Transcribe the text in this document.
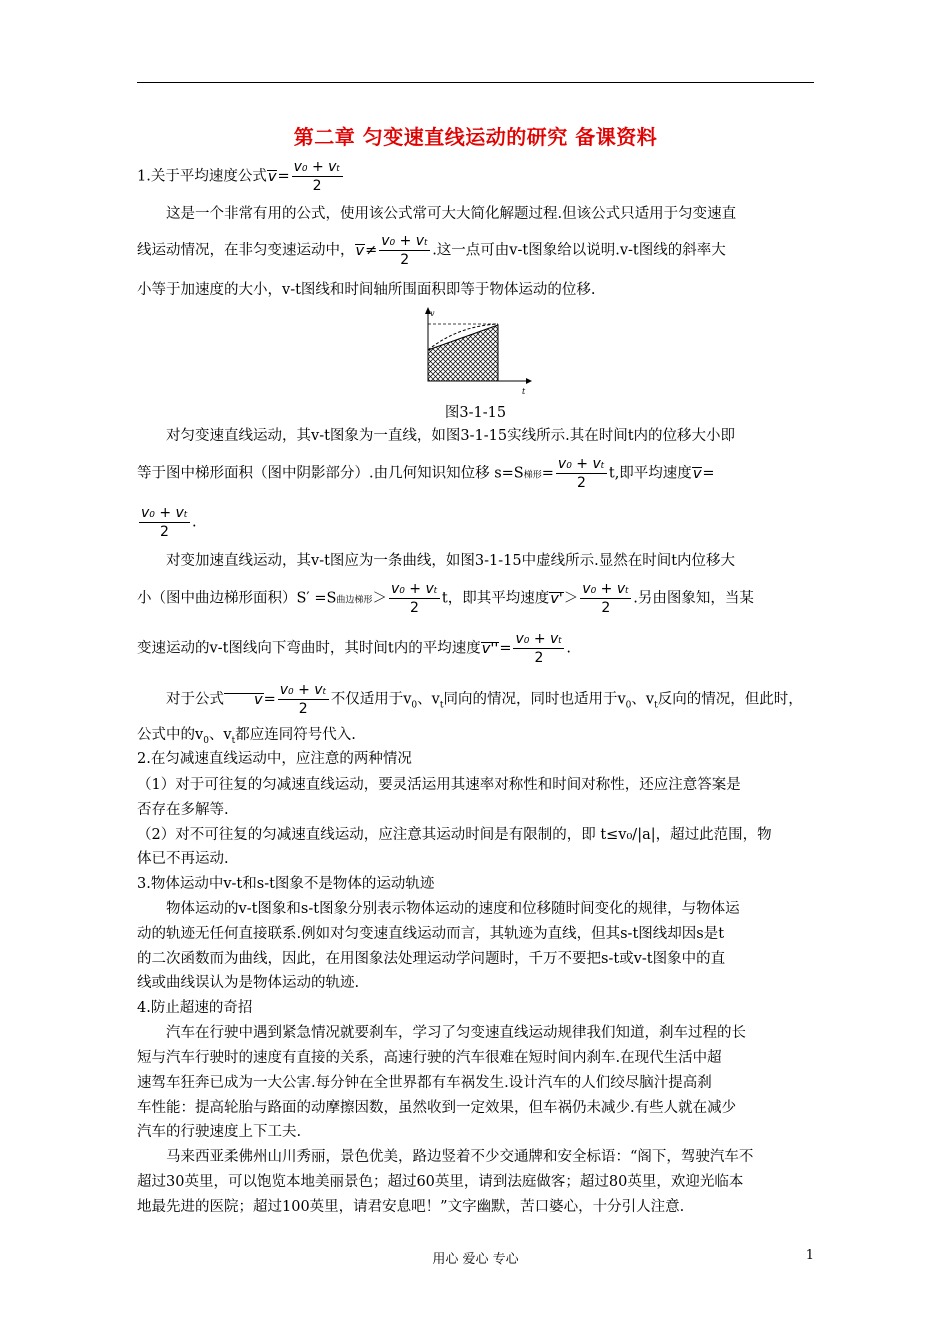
第二章 匀变速直线运动的研究 备课资料
1.关于平均速度公式$v= \frac{\text{v₀ + vₜ}}{2}$
这是一个非常有用的公式，使用该公式常可大大简化解题过程.但该公式只适用于匀变速直
线运动情况，在非匀变速运动中，$v\ne \frac{\text{v₀ + vₜ}}{2}$ .这一点可由v-t图象给以说明.v-t图线的斜率大
小等于加速度的大小，v-t图线和时间轴所围面积即等于物体运动的位移.
v
t
图3-1-15
对匀变速直线运动，其v-t图象为一直线，如图3-1-15实线所示.其在时间t内的位移大小即
等于图中梯形面积（图中阴影部分）.由几何知识知位移 s=S梯形= $\frac{\text{v₀ + vₜ}}{2} t$,即平均速度v=
$\frac{\text{v₀ + vₜ}}{2}$ .
对变加速直线运动，其v-t图应为一条曲线，如图3-1-15中虚线所示.显然在时间t内位移大
小（图中曲边梯形面积）S′ =S曲边梯形＞ $\frac{\text{v₀ + vₜ}}{2}$ t，即其平均速度$v'> \frac{\text{v₀ + vₜ}}{2}$ .另由图象知，当某
变速运动的v-t图线向下弯曲时，其时间t内的平均速度$v''= \frac{\text{v₀ + vₜ}}{2}$ .
对于公式 $v= \frac{\text{v₀ + vₜ}}{2}$ 不仅适用于$v_0$、$v_t$同向的情况，同时也适用于$v_0$、$v_t$反向的情况，但此时，
公式中的$v_0$、$v_t$都应连同符号代入.
2.在匀减速直线运动中，应注意的两种情况
（1）对于可往复的匀减速直线运动，要灵活运用其速率对称性和时间对称性，还应注意答案是
否存在多解等.
（2）对不可往复的匀减速直线运动，应注意其运动时间是有限制的，即 t≤v₀/|a|，超过此范围，物
体已不再运动.
3.物体运动中v-t和s-t图象不是物体的运动轨迹
物体运动的v-t图象和s-t图象分别表示物体运动的速度和位移随时间变化的规律，与物体运
动的轨迹无任何直接联系.例如对匀变速直线运动而言，其轨迹为直线，但其s-t图线却因s是t
的二次函数而为曲线，因此，在用图象法处理运动学问题时，千万不要把s-t或v-t图象中的直
线或曲线误认为是物体运动的轨迹.
4.防止超速的奇招
汽车在行驶中遇到紧急情况就要刹车，学习了匀变速直线运动规律我们知道，刹车过程的长
短与汽车行驶时的速度有直接的关系，高速行驶的汽车很难在短时间内刹车.在现代生活中超
速驾车狂奔已成为一大公害.每分钟在全世界都有车祸发生.设计汽车的人们绞尽脑汁提高刹
车性能：提高轮胎与路面的动摩擦因数，虽然收到一定效果，但车祸仍未减少.有些人就在减少
汽车的行驶速度上下工夫.
马来西亚柔佛州山川秀丽，景色优美，路边竖着不少交通牌和安全标语：“阁下，驾驶汽车不
超过30英里，可以饱览本地美丽景色；超过60英里，请到法庭做客；超过80英里，欢迎光临本
地最先进的医院；超过100英里，请君安息吧！”文字幽默，苦口婆心，十分引人注意.
用心 爱心 专心	1
